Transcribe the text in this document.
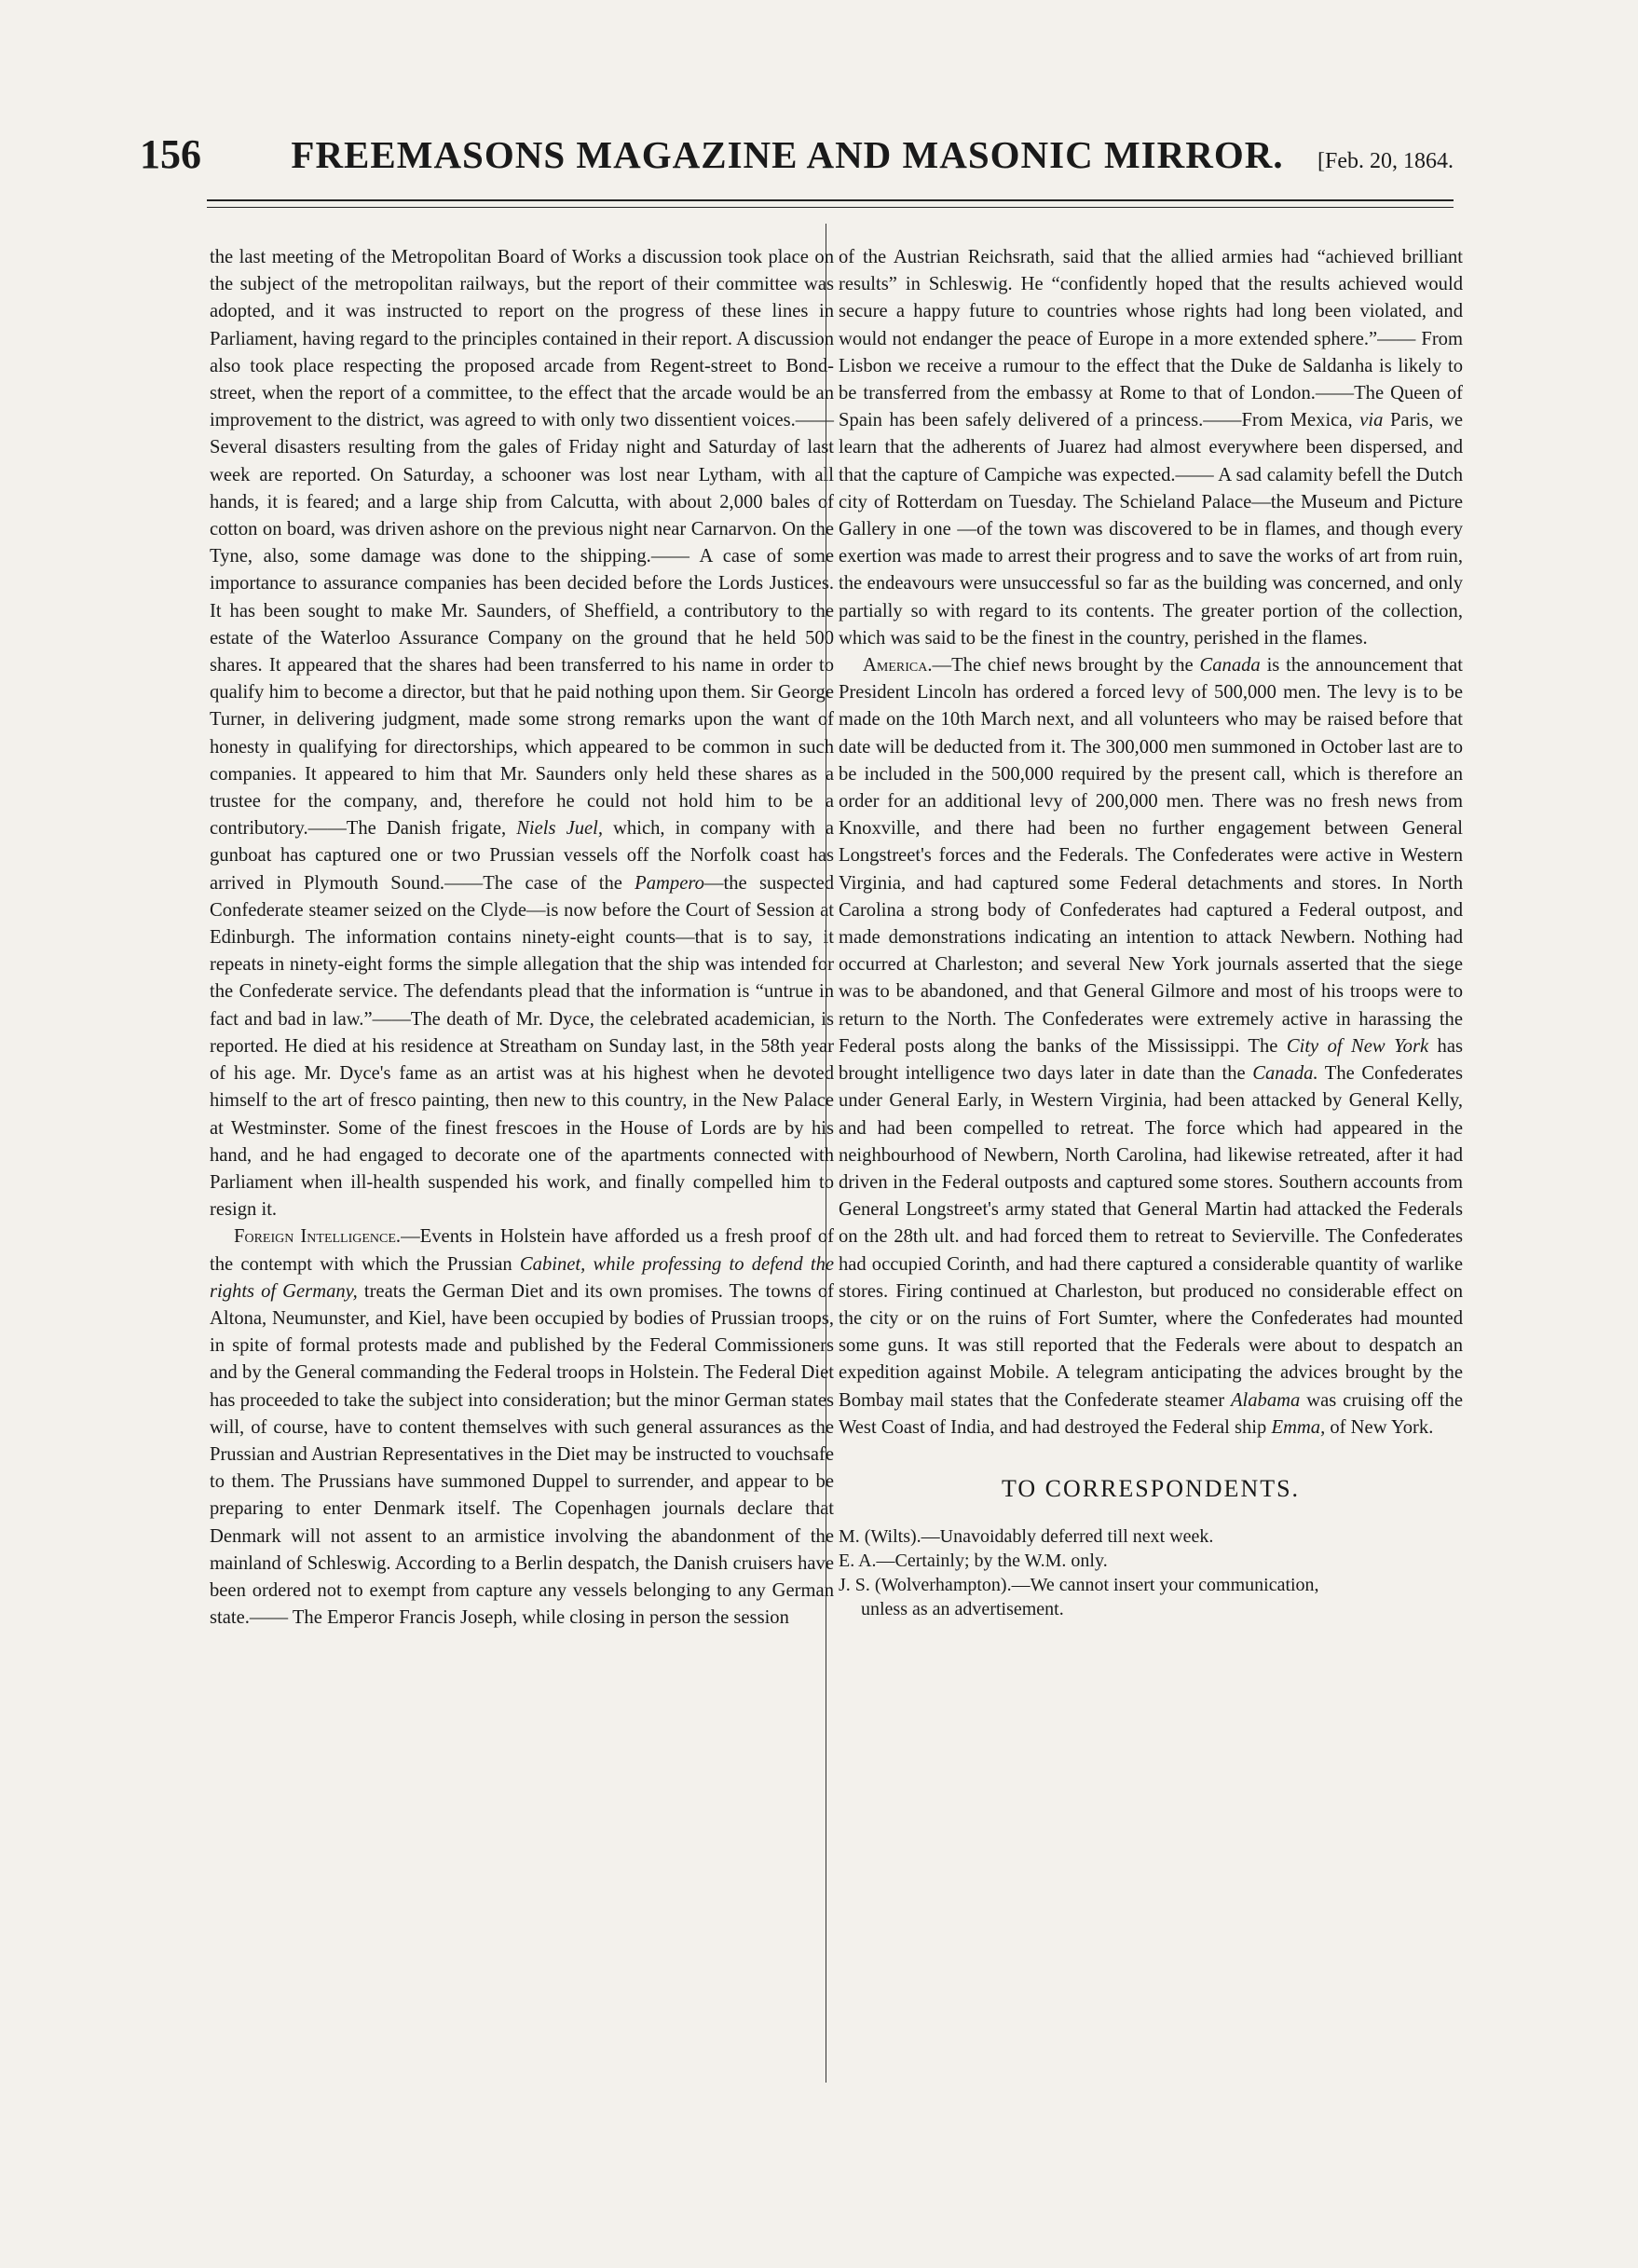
156	FREEMASONS MAGAZINE AND MASONIC MIRROR.	[Feb. 20, 1864.

the last meeting of the Metropolitan Board of Works a discussion took place on the subject of the metropolitan railways, but the report of their committee was adopted, and it was instructed to report on the progress of these lines in Parliament, having regard to the principles contained in their report. A discussion also took place respecting the proposed arcade from Regent-street to Bond-street, when the report of a committee, to the effect that the arcade would be an improvement to the district, was agreed to with only two dissentient voices.——Several disasters resulting from the gales of Friday night and Saturday of last week are reported. On Saturday, a schooner was lost near Lytham, with all hands, it is feared; and a large ship from Calcutta, with about 2,000 bales of cotton on board, was driven ashore on the previous night near Carnarvon. On the Tyne, also, some damage was done to the shipping.—— A case of some importance to assurance companies has been decided before the Lords Justices. It has been sought to make Mr. Saunders, of Sheffield, a contributory to the estate of the Waterloo Assurance Company on the ground that he held 500 shares. It appeared that the shares had been transferred to his name in order to qualify him to become a director, but that he paid nothing upon them. Sir George Turner, in delivering judgment, made some strong remarks upon the want of honesty in qualifying for directorships, which appeared to be common in such companies. It appeared to him that Mr. Saunders only held these shares as a trustee for the company, and, therefore he could not hold him to be a contributory.——The Danish frigate, Niels Juel, which, in company with a gunboat has captured one or two Prussian vessels off the Norfolk coast has arrived in Plymouth Sound.——The case of the Pampero—the suspected Confederate steamer seized on the Clyde—is now before the Court of Session at Edinburgh. The information contains ninety-eight counts—that is to say, it repeats in ninety-eight forms the simple allegation that the ship was intended for the Confederate service. The defendants plead that the information is “untrue in fact and bad in law.”——The death of Mr. Dyce, the celebrated academician, is reported. He died at his residence at Streatham on Sunday last, in the 58th year of his age. Mr. Dyce's fame as an artist was at his highest when he devoted himself to the art of fresco painting, then new to this country, in the New Palace at Westminster. Some of the finest frescoes in the House of Lords are by his hand, and he had engaged to decorate one of the apartments connected with Parliament when ill-health suspended his work, and finally compelled him to resign it.

Foreign Intelligence.—Events in Holstein have afforded us a fresh proof of the contempt with which the Prussian Cabinet, while professing to defend the rights of Germany, treats the German Diet and its own promises. The towns of Altona, Neumunster, and Kiel, have been occupied by bodies of Prussian troops, in spite of formal protests made and published by the Federal Commissioners and by the General commanding the Federal troops in Holstein. The Federal Diet has proceeded to take the subject into consideration; but the minor German states will, of course, have to content themselves with such general assurances as the Prussian and Austrian Representatives in the Diet may be instructed to vouchsafe to them. The Prussians have summoned Duppel to surrender, and appear to be preparing to enter Denmark itself. The Copenhagen journals declare that Denmark will not assent to an armistice involving the abandonment of the mainland of Schleswig. According to a Berlin despatch, the Danish cruisers have been ordered not to exempt from capture any vessels belonging to any German state.—— The Emperor Francis Joseph, while closing in person the session

of the Austrian Reichsrath, said that the allied armies had “achieved brilliant results” in Schleswig. He “confidently hoped that the results achieved would secure a happy future to countries whose rights had long been violated, and would not endanger the peace of Europe in a more extended sphere.”—— From Lisbon we receive a rumour to the effect that the Duke de Saldanha is likely to be transferred from the embassy at Rome to that of London.——The Queen of Spain has been safely delivered of a princess.——From Mexica, via Paris, we learn that the adherents of Juarez had almost everywhere been dispersed, and that the capture of Campiche was expected.—— A sad calamity befell the Dutch city of Rotterdam on Tuesday. The Schieland Palace—the Museum and Picture Gallery in one —of the town was discovered to be in flames, and though every exertion was made to arrest their progress and to save the works of art from ruin, the endeavours were unsuccessful so far as the building was concerned, and only partially so with regard to its contents. The greater portion of the collection, which was said to be the finest in the country, perished in the flames.

America.—The chief news brought by the Canada is the announcement that President Lincoln has ordered a forced levy of 500,000 men. The levy is to be made on the 10th March next, and all volunteers who may be raised before that date will be deducted from it. The 300,000 men summoned in October last are to be included in the 500,000 required by the present call, which is therefore an order for an additional levy of 200,000 men. There was no fresh news from Knoxville, and there had been no further engagement between General Longstreet's forces and the Federals. The Confederates were active in Western Virginia, and had captured some Federal detachments and stores. In North Carolina a strong body of Confederates had captured a Federal outpost, and made demonstrations indicating an intention to attack Newbern. Nothing had occurred at Charleston; and several New York journals asserted that the siege was to be abandoned, and that General Gilmore and most of his troops were to return to the North. The Confederates were extremely active in harassing the Federal posts along the banks of the Mississippi. The City of New York has brought intelligence two days later in date than the Canada. The Confederates under General Early, in Western Virginia, had been attacked by General Kelly, and had been compelled to retreat. The force which had appeared in the neighbourhood of Newbern, North Carolina, had likewise retreated, after it had driven in the Federal outposts and captured some stores. Southern accounts from General Longstreet's army stated that General Martin had attacked the Federals on the 28th ult. and had forced them to retreat to Sevierville. The Confederates had occupied Corinth, and had there captured a considerable quantity of warlike stores. Firing continued at Charleston, but produced no considerable effect on the city or on the ruins of Fort Sumter, where the Confederates had mounted some guns. It was still reported that the Federals were about to despatch an expedition against Mobile. A telegram anticipating the advices brought by the Bombay mail states that the Confederate steamer Alabama was cruising off the West Coast of India, and had destroyed the Federal ship Emma, of New York.

TO CORRESPONDENTS.

M. (Wilts).—Unavoidably deferred till next week.

E. A.—Certainly; by the W.M. only.

J. S. (Wolverhampton).—We cannot insert your communication,
unless as an advertisement.
